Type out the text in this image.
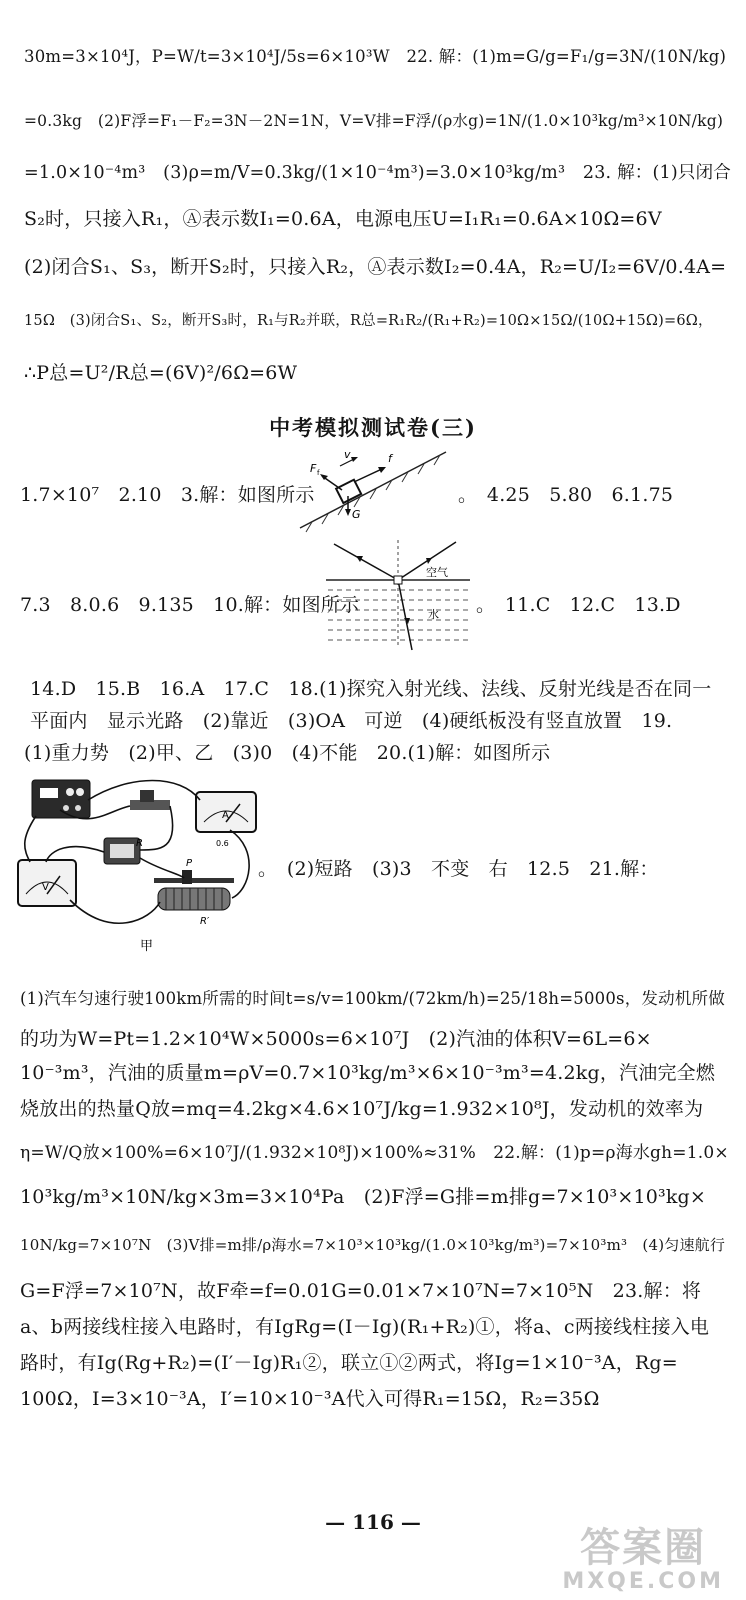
30m=3×10⁴J，P=W/t=3×10⁴J/5s=6×10³W　22. 解：(1)m=G/g=F₁/g=3N/(10N/kg)
=0.3kg　(2)F浮=F₁－F₂=3N－2N=1N，V=V排=F浮/(ρ水g)=1N/(1.0×10³kg/m³×10N/kg)
=1.0×10⁻⁴m³　(3)ρ=m/V=0.3kg/(1×10⁻⁴m³)=3.0×10³kg/m³　23. 解：(1)只闭合
S₂时，只接入R₁，Ⓐ表示数I₁=0.6A，电源电压U=I₁R₁=0.6A×10Ω=6V
(2)闭合S₁、S₃，断开S₂时，只接入R₂，Ⓐ表示数I₂=0.4A，R₂=U/I₂=6V/0.4A=
15Ω　(3)闭合S₁、S₂，断开S₃时，R₁与R₂并联，R总=R₁R₂/(R₁+R₂)=10Ω×15Ω/(10Ω+15Ω)=6Ω，
∴P总=U²/R总=(6V)²/6Ω=6W
中考模拟测试卷(三)
1.7×10⁷　2.10　3.解：如图所示
F f
v	f
G
。　4.25　5.80　6.1.75
7.3　8.0.6　9.135　10.解：如图所示
空气
水 。　11.C　12.C　13.D
14.D　15.B　16.A　17.C　18.(1)探究入射光线、法线、反射光线是否在同一
平面内　显示光路　(2)靠近　(3)OA　可逆　(4)硬纸板没有竖直放置　19.
(1)重力势　(2)甲、乙　(3)0　(4)不能　20.(1)解：如图所示
A
0.6
R
V
P
R′
甲
。　(2)短路　(3)3　不变　右　12.5　21.解：
(1)汽车匀速行驶100km所需的时间t=s/v=100km/(72km/h)=25/18h=5000s，发动机所做
的功为W=Pt=1.2×10⁴W×5000s=6×10⁷J　(2)汽油的体积V=6L=6×
10⁻³m³，汽油的质量m=ρV=0.7×10³kg/m³×6×10⁻³m³=4.2kg，汽油完全燃
烧放出的热量Q放=mq=4.2kg×4.6×10⁷J/kg=1.932×10⁸J，发动机的效率为
η=W/Q放×100%=6×10⁷J/(1.932×10⁸J)×100%≈31%　22.解：(1)p=ρ海水gh=1.0×
10³kg/m³×10N/kg×3m=3×10⁴Pa　(2)F浮=G排=m排g=7×10³×10³kg×
10N/kg=7×10⁷N　(3)V排=m排/ρ海水=7×10³×10³kg/(1.0×10³kg/m³)=7×10³m³　(4)匀速航行
G=F浮=7×10⁷N，故F牵=f=0.01G=0.01×7×10⁷N=7×10⁵N　23.解：将
a、b两接线柱接入电路时，有IgRg=(I－Ig)(R₁+R₂)①，将a、c两接线柱接入电
路时，有Ig(Rg+R₂)=(I′－Ig)R₁②，联立①②两式，将Ig=1×10⁻³A，Rg=
100Ω，I=3×10⁻³A，I′=10×10⁻³A代入可得R₁=15Ω，R₂=35Ω
— 116 —
答案圈
MXQE.COM
